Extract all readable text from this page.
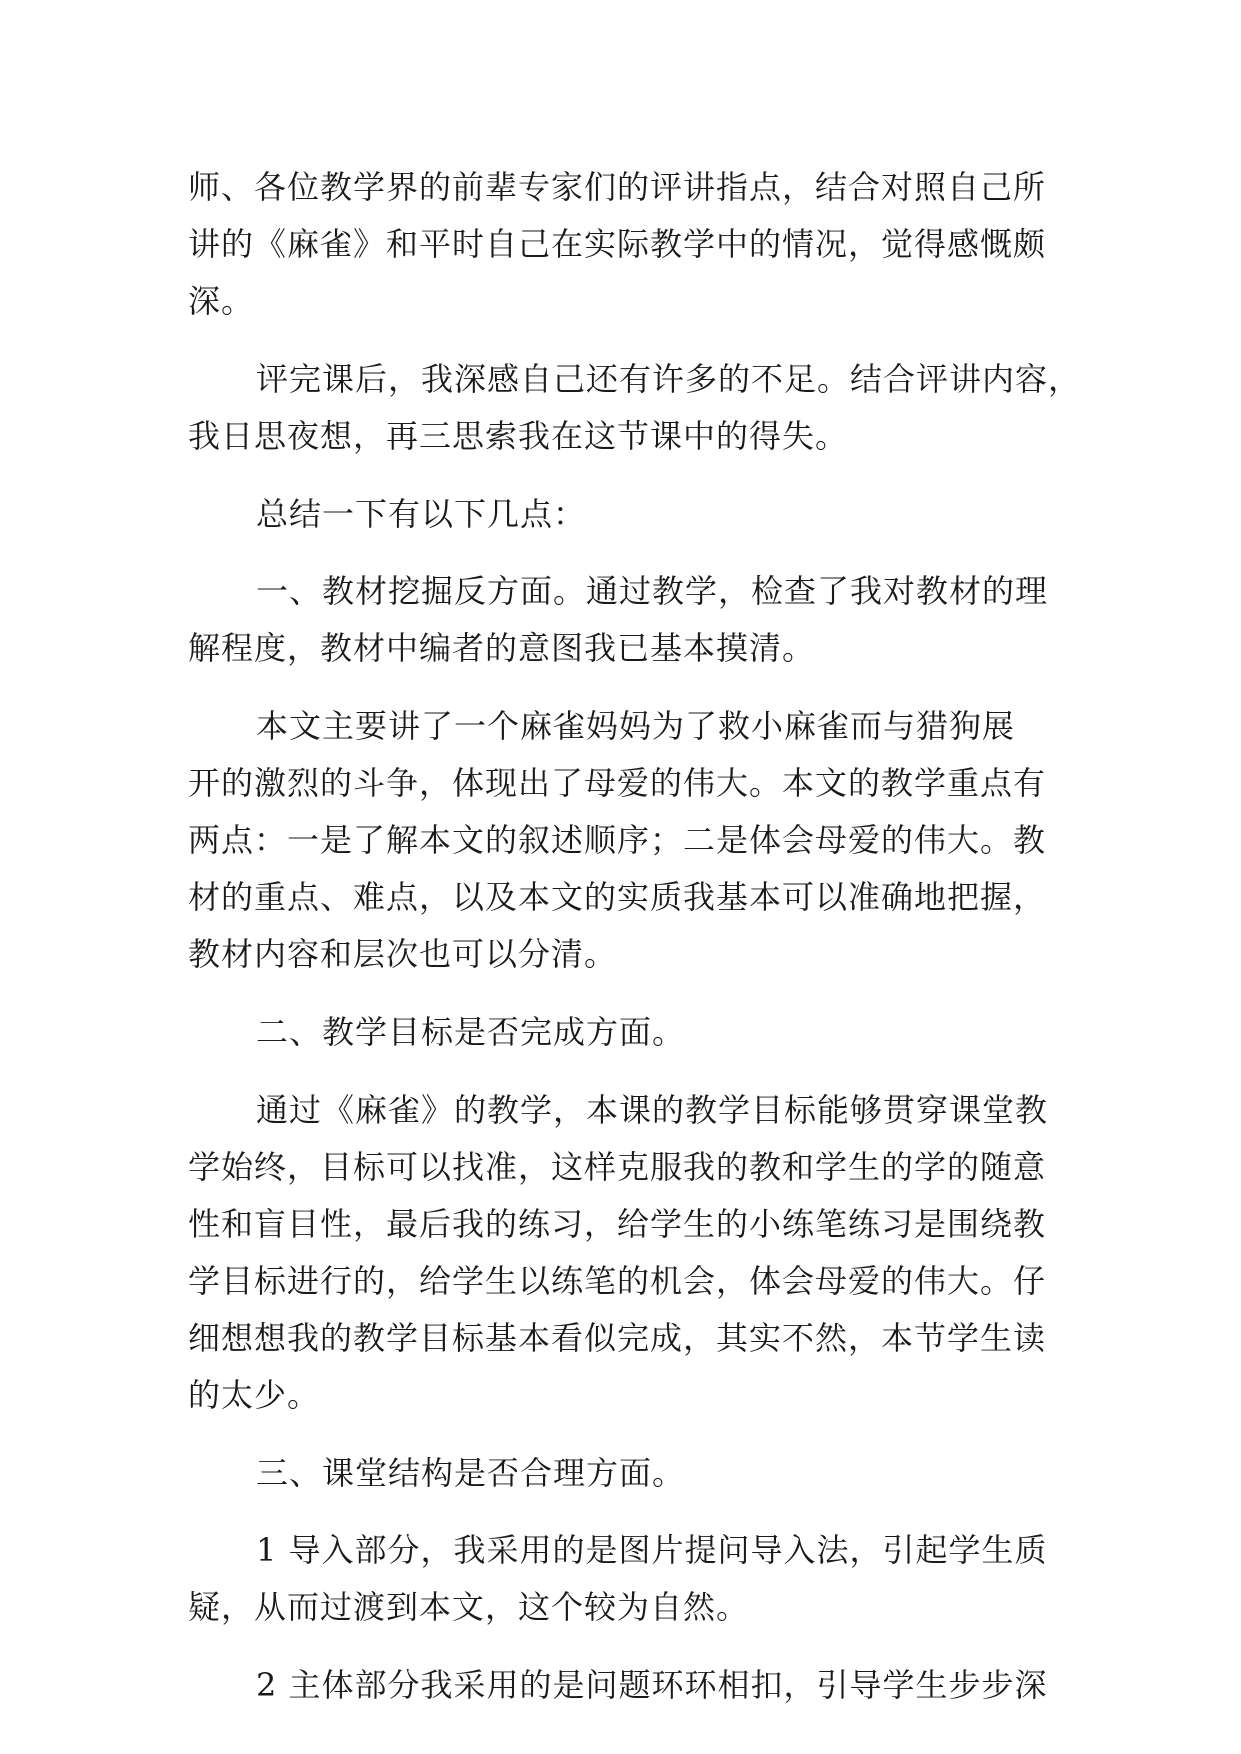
师、各位教学界的前辈专家们的评讲指点，结合对照自己所
讲的《麻雀》和平时自己在实际教学中的情况，觉得感慨颇
深。
评完课后，我深感自己还有许多的不足。结合评讲内容，
我日思夜想，再三思索我在这节课中的得失。
总结一下有以下几点：
一、教材挖掘反方面。通过教学，检查了我对教材的理
解程度，教材中编者的意图我已基本摸清。
本文主要讲了一个麻雀妈妈为了救小麻雀而与猎狗展
开的激烈的斗争，体现出了母爱的伟大。本文的教学重点有
两点：一是了解本文的叙述顺序；二是体会母爱的伟大。教
材的重点、难点，以及本文的实质我基本可以准确地把握，
教材内容和层次也可以分清。
二、教学目标是否完成方面。
通过《麻雀》的教学，本课的教学目标能够贯穿课堂教
学始终，目标可以找准，这样克服我的教和学生的学的随意
性和盲目性，最后我的练习，给学生的小练笔练习是围绕教
学目标进行的，给学生以练笔的机会，体会母爱的伟大。仔
细想想我的教学目标基本看似完成，其实不然，本节学生读
的太少。
三、课堂结构是否合理方面。
1 导入部分，我采用的是图片提问导入法，引起学生质
疑，从而过渡到本文，这个较为自然。
2 主体部分我采用的是问题环环相扣，引导学生步步深
